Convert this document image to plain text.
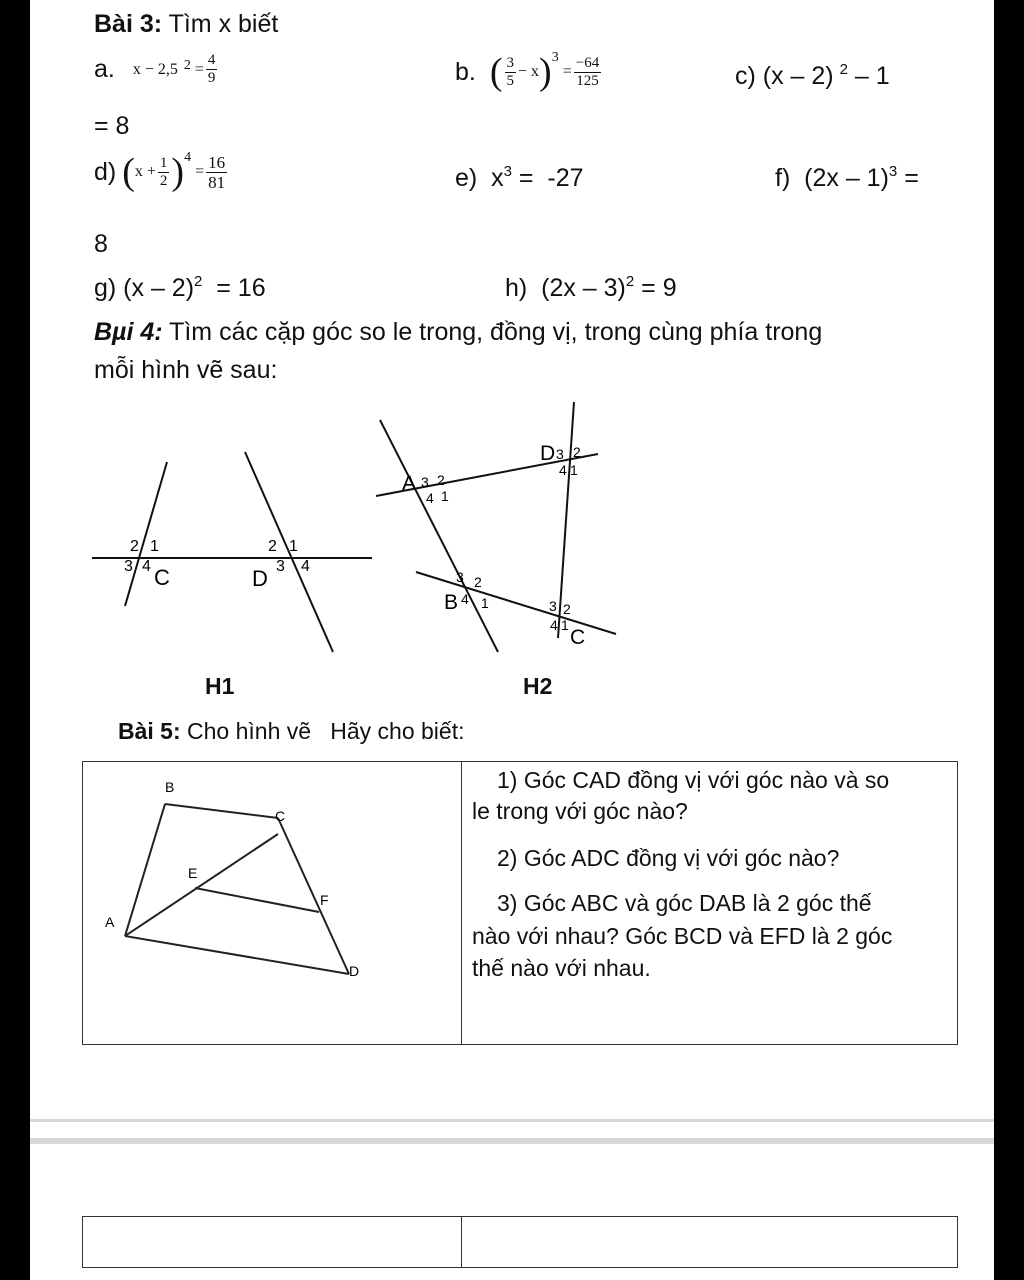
Bài 3: Tìm x biết
a. x − 2,5 $2 = \frac{4}{9}$	b. ( $\frac{3}{5} - x$ ) 3
= $\frac{-64}{125}$	c) (x – 2) $^2$ – 1
= 8
d) ( $x + \frac{1}{2}$ ) 4
= $\frac{16}{81}$	e) $x^3 = -27$	f)  (2x – 1)$^3$ =
8
g) (x – 2)$^2$  = 16	h)  (2x – 3)$^2$ = 9
Bµi 4: Tìm các cặp góc so le trong, đồng vị, trong cùng phía trong
mỗi hình vẽ sau:
2 1
3 4
2 1
3 4
C	D
H1
3 2
4 1
3 2
4 1
3 2
4 1	3 2
4 1
D
A
B
C
H2
Bài 5: Cho hình vẽ   Hãy cho biết:
B
C
E
F
A
D
1) Góc CAD đồng vị với góc nào và so
le trong với góc nào?
2) Góc ADC đồng vị với góc nào?
3) Góc ABC và góc DAB là 2 góc thế
nào với nhau? Góc BCD và EFD là 2 góc
thế nào với nhau.
